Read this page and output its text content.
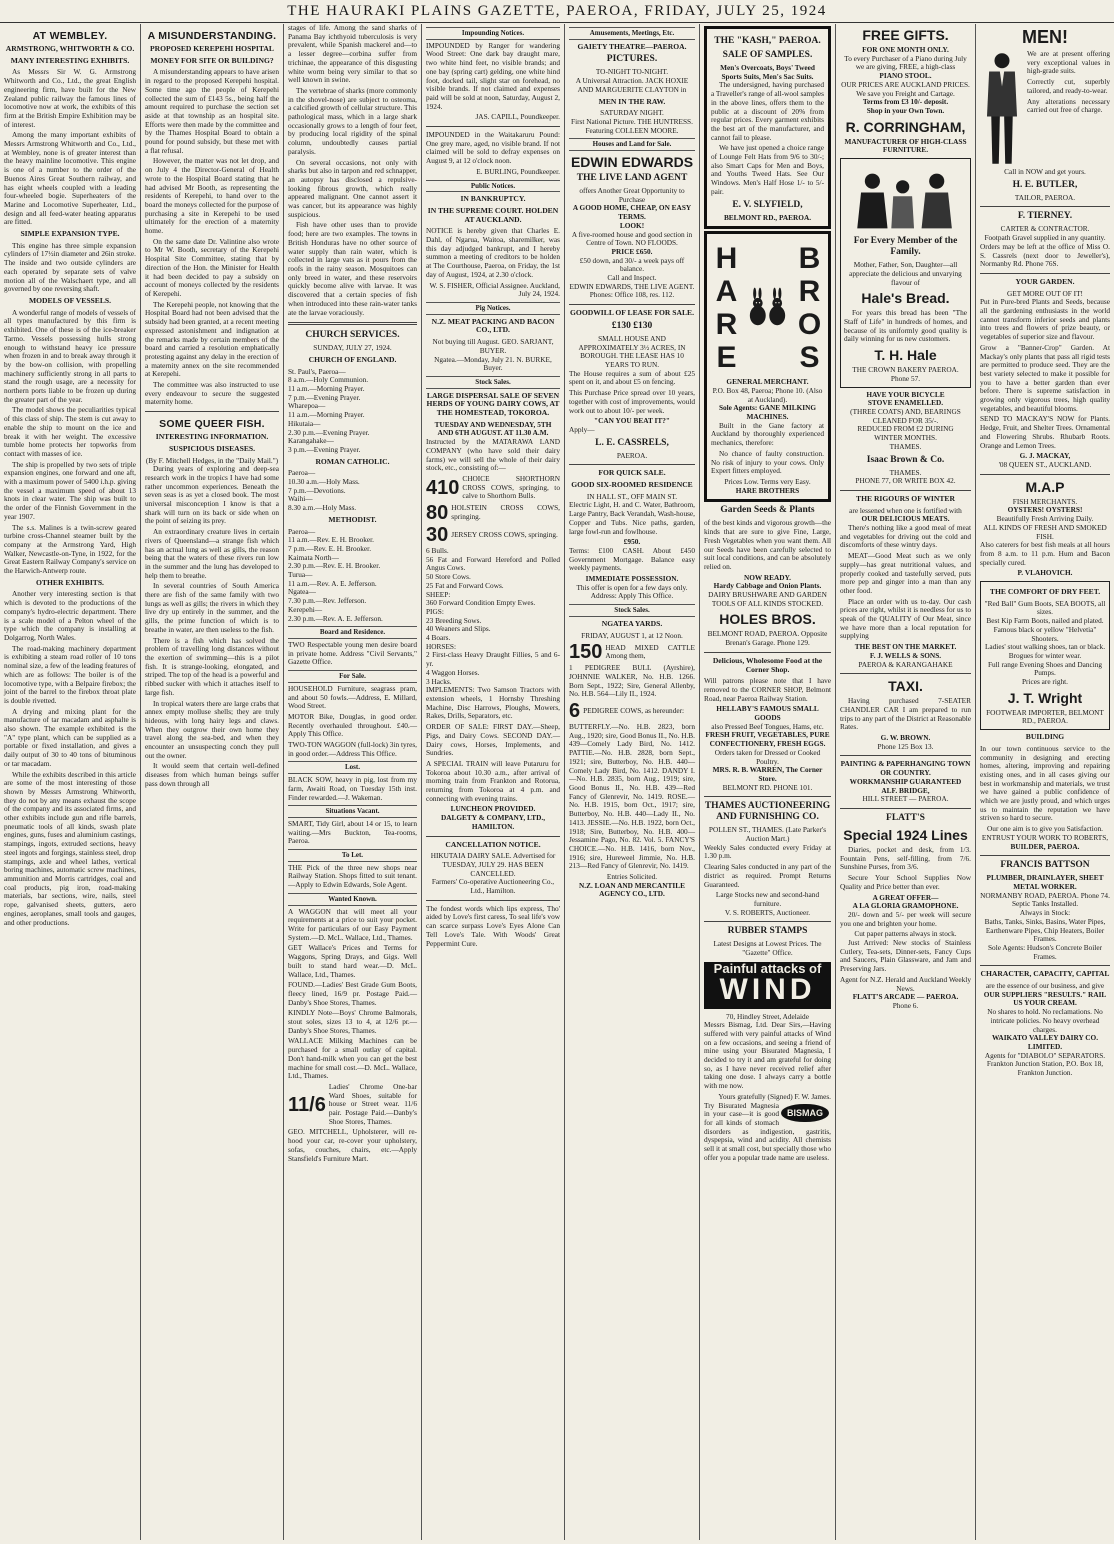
THE HAURAKI PLAINS GAZETTE, PAEROA, FRIDAY, JULY 25, 1924
AT WEMBLEY.
ARMSTRONG, WHITWORTH & CO.
MANY INTERESTING EXHIBITS.

As Messrs Sir W. G. Armstrong Whitworth and Co., Ltd., the great English engineering firm, have built for the New Zealand public railway the famous lines of locomotive now at work, the exhibits of this firm at the British Empire Exhibition may be of interest.

Among the many important exhibits of Messrs Armstrong Whitworth and Co., Ltd., at Wembley, none is of greater interest than the heavy mainline locomotive. This engine is one of a number to the order of the Buenos Aires Great Southern railway, and has eight wheels coupled with a leading four-wheeled bogie. Superheaters of the Marine and Locomotive Superheater, Ltd., design and all feed-water heating apparatus are fitted.

SIMPLE EXPANSION TYPE.

This engine has three simple expansion cylinders of 17½in diameter and 26in stroke. The inside and two outside cylinders are each operated by separate sets of valve motion all of the Walschaert type, and all governed by one reversing shaft.

MODELS OF VESSELS.

A wonderful range of models of vessels of all types manufactured by this firm is exhibited. One of these is of the ice-breaker Tarmo. Vessels possessing hulls strong enough to withstand heavy ice pressure when frozen in and to break away through it by the bow-on collision, with propelling machinery sufficiently strong in all parts to stand the rough usage, are a necessity for northern ports liable to be frozen up during the greater part of the year.

The model shows the peculiarities typical of this class of ship. The stem is cut away to enable the ship to mount on the ice and break it with her weight. The excessive tumble home protects her topworks from contact with masses of ice.

The ship is propelled by two sets of triple expansion engines, one forward and one aft, with a maximum power of 5400 i.h.p. giving the vessel a maximum speed of about 13 knots in clear water. The ship was built to the order of the Finnish Government in the year 1907.

The s.s. Malines is a twin-screw geared turbine cross-Channel steamer built by the company at the Armstrong Yard, High Walker, Newcastle-on-Tyne, in 1922, for the Great Eastern Railway Company's service on the Harwich-Antwerp route.

OTHER EXHIBITS.

Another very interesting section is that which is devoted to the productions of the company's hydro-electric department. There is a scale model of a Pelton wheel of the type which the company is installing at Dolgarrog, North Wales.

The road-making machinery department is exhibiting a steam road roller of 10 tons nominal size, a few of the leading features of which are as follows: The boiler is of the locomotive type, with a Belpaire firebox; the joint of the barrel to the firebox throat plate is double rivetted.

A drying and mixing plant for the manufacture of tar macadam and asphalte is also shown. The example exhibited is the "A" type plant, which can be supplied as a portable or fixed installation, and gives a daily output of 30 to 40 tons of bituminous or tar macadam.

While the exhibits described in this article are some of the most interesting of those shown by Messrs Armstrong Whitworth, they do not by any means exhaust the scope of the company and its associated firms, and other exhibits include gun and rifle barrels, pneumatic tools of all kinds, swash plate engines, guns, fuses and aluminium castings, stampings, ingots, extruded sections, heavy steel ingots and forgings, stainless steel, drop stampings, axle and wheel lathes, vertical boring machines, automatic screw machines, ammunition and Morris cartridges, coal and coal products, pig iron, road-making materials, bar sections, wire, nails, steel rope, galvanised sheets, gutters, aero engines, aeroplanes, small tools and gauges, and other productions.

A MISUNDERSTANDING.
PROPOSED KEREPEHI HOSPITAL
MONEY FOR SITE OR BUILDING?

A misunderstanding appears to have arisen in regard to the proposed Kerepehi hospital. Some time ago the people of Kerepehi collected the sum of £143 5s., being half the amount required to purchase the section set aside at that township as an hospital site. Efforts were then made by the committee and by the Thames Hospital Board to obtain a pound for pound subsidy, but these met with a flat refusal.

However, the matter was not let drop, and on July 4 the Director-General of Health wrote to the Hospital Board stating that he had advised Mr Booth, as representing the residents of Kerepehi, to hand over to the board the moneys collected for the purpose of purchasing a site in Kerepehi to be used ultimately for the erection of a maternity home.

On the same date Dr. Valintine also wrote to Mr W. Booth, secretary of the Kerepehi Hospital Site Committee, stating that by direction of the Hon. the Minister for Health it had been decided to pay a subsidy on account of moneys collected by the residents of Kerepehi.

The Kerepehi people, not knowing that the Hospital Board had not been advised that the subsidy had been granted, at a recent meeting expressed astonishment and indignation at the remarks made by certain members of the board and carried a resolution emphatically protesting against any delay in the erection of a maternity annex on the site recommended at Kerepehi.

The committee was also instructed to use every endeavour to secure the suggested maternity home.

SOME QUEER FISH.
INTERESTING INFORMATION.
SUSPICIOUS DISEASES.
(By F. Mitchell Hedges, in the "Daily Mail.")

During years of exploring and deep-sea research work in the tropics I have had some rather uncommon experiences. Beneath the seven seas is as yet a closed book. The most universal misconception I know is that a shark will turn on its back or side when on the point of seizing its prey.

An extraordinary creature lives in certain rivers of Queensland—a strange fish which has an actual lung as well as gills, the reason being that the waters of these rivers run low in the summer and the lung has developed to help them to breathe.

In several countries of South America there are fish of the same family with two lungs as well as gills; the rivers in which they live dry up entirely in the summer, and the gills, the prime function of which is to breathe in water, are then useless to the fish.

There is a fish which has solved the problem of travelling long distances without the exertion of swimming—this is a pilot fish. It is strange-looking, elongated, and striped. The top of the head is a powerful and ribbed sucker with which it attaches itself to large fish.

In tropical waters there are large crabs that annex empty molluse shells; they are truly hideous, with long hairy legs and claws. When they outgrow their own home they travel along the sea-bed, and when they encounter an unsuspecting conch they pull out the owner.

It would seem that certain well-defined diseases from which human beings suffer pass down through all

stages of life. Among the sand sharks of Panama Bay ichthyoid tuberculosis is very prevalent, while Spanish mackerel and—to a lesser degree—corbina suffer from trichinae, the appearance of this disgusting white worm being very similar to that so well known in swine.

The vertebrae of sharks (more commonly in the shovel-nose) are subject to osteoma, a calcified growth of cellular structure. This pathological mass, which in a large shark occasionally grows to a length of four feet, by producing local rigidity of the spinal column, undoubtedly causes partial paralysis.

On several occasions, not only with sharks but also in tarpon and red schnapper, an autopsy has disclosed a repulsive-looking fibrous growth, which really appeared malignant. One cannot assert it was cancer, but its appearance was highly suspicious.

Fish have other uses than to provide food; here are two examples. The towns in British Honduras have no other source of water supply than rain water, which is collected in large vats as it pours from the roofs in the rainy season. Mosquitoes can only breed in water, and these reservoirs quickly become alive with larvae. It was discovered that a certain species of fish when introduced into these rain-water tanks ate the larvae voraciously.

CHURCH SERVICES.
SUNDAY, JULY 27, 1924.
CHURCH OF ENGLAND.
St. Paul's, Paeroa—
8 a.m.—Holy Communion.
11 a.m.—Morning Prayer.
7 p.m.—Evening Prayer.
Wharepoa—
11 a.m.—Morning Prayer.
Hikutaia—
2.30 p.m.—Evening Prayer.
Karangahake—
3 p.m.—Evening Prayer.
ROMAN CATHOLIC.
Paeroa—
10.30 a.m.—Holy Mass.
7 p.m.—Devotions.
Waihi—
8.30 a.m.—Holy Mass.
METHODIST.
Paeroa—
11 a.m.—Rev. E. H. Brooker.
7 p.m.—Rev. E. H. Brooker.
Kaimata North—
2.30 p.m.—Rev. E. H. Brooker.
Turua—
11 a.m.—Rev. A. E. Jefferson.
Ngatea—
7.30 p.m.—Rev. Jefferson.
Kerepehi—
2.30 p.m.—Rev. A. E. Jefferson.
Board and Residence.

TWO Respectable young men desire board in private home. Address "Civil Servants," Gazette Office.

For Sale.

HOUSEHOLD Furniture, seagrass pram, and about 50 fowls.—Address, E. Millard, Wood Street.

MOTOR Bike, Douglas, in good order. Recently overhauled throughout. £40.—Apply This Office.

TWO-TON WAGGON (full-lock) 3in tyres, in good order.—Address This Office.

Lost.

BLACK SOW, heavy in pig, lost from my farm, Awaiti Road, on Tuesday 15th inst. Finder rewarded.—J. Wakeman.

Situations Vacant.

SMART, Tidy Girl, about 14 or 15, to learn waiting.—Mrs Buckton, Tea-rooms, Paeroa.

To Let.

THE Pick of the three new shops near Railway Station. Shops fitted to suit tenant.—Apply to Edwin Edwards, Sole Agent.

Wanted Known.

A WAGGON that will meet all your requirements at a price to suit your pocket. Write for particulars of our Easy Payment System.—D. McL. Wallace, Ltd., Thames.

GET Wallace's Prices and Terms for Waggons, Spring Drays, and Gigs. Well built to stand hard wear.—D. McL. Wallace, Ltd., Thames.

FOUND.—Ladies' Best Grade Gum Boots, fleecy lined, 16/9 pr. Postage Paid.—Danby's Shoe Stores, Thames.

KINDLY Note—Boys' Chrome Balmorals, stout soles, sizes 13 to 4, at 12/6 pr.—Danby's Shoe Stores, Thames.

WALLACE Milking Machines can be purchased for a small outlay of capital. Don't hand-milk when you can get the best machine for small cost.—D. McL. Wallace, Ltd., Thames.

11/6
Ladies' Chrome One-bar Ward Shoes, suitable for house or Street wear. 11/6 pair. Postage Paid.—Danby's Shoe Stores, Thames.

GEO. MITCHELL, Upholsterer, will re-hood your car, re-cover your upholstery, sofas, couches, chairs, etc.—Apply Stansfield's Furniture Mart.

Impounding Notices.

IMPOUNDED by Ranger for wandering Wood Street: One dark bay draught mare, two white hind feet, no visible brands; and one bay (spring cart) gelding, one white hind foot, docked tail, slight star on forehead, no visible brands. If not claimed and expenses paid will be sold at noon, Saturday, August 2, 1924.

JAS. CAPILL, Poundkeeper.

IMPOUNDED in the Waitakaruru Pound: One grey mare, aged, no visible brand. If not claimed will be sold to defray expenses on August 9, at 12 o'clock noon.

E. BURLING, Poundkeeper.
Public Notices.
IN BANKRUPTCY.
IN THE SUPREME COURT. HOLDEN AT AUCKLAND.

NOTICE is hereby given that Charles E. Dahl, of Ngarua, Waitoa, sharemilker, was this day adjudged bankrupt, and I hereby summon a meeting of creditors to be holden at The Courthouse, Paeroa, on Friday, the 1st day of August, 1924, at 2.30 o'clock.

W. S. FISHER, Official Assignee. Auckland, July 24, 1924.
Pig Notices.
N.Z. MEAT PACKING AND BACON CO., LTD.
Not buying till August. GEO. SARJANT, BUYER.
Ngatea.—Monday, July 21. N. BURKE, Buyer.
Stock Sales.
LARGE DISPERSAL SALE OF SEVEN HERDS OF YOUNG DAIRY COWS, AT THE HOMESTEAD, TOKOROA.
TUESDAY AND WEDNESDAY, 5TH AND 6TH AUGUST. AT 11.30 A.M.

Instructed by the MATARAWA LAND COMPANY (who have sold their dairy farms) we will sell the whole of their dairy stock, etc., consisting of:—

410 CHOICE SHORTHORN CROSS COWS, springing, to calve to Shorthorn Bulls.
80 HOLSTEIN CROSS COWS, springing.
30 JERSEY CROSS COWS, springing.
6 Bulls.
56 Fat and Forward Hereford and Polled Angus Cows.
50 Store Cows.
25 Fat and Forward Cows.
SHEEP:
360 Forward Condition Empty Ewes.
PIGS:
23 Breeding Sows.
40 Weaners and Slips.
4 Boars.
HORSES:
2 First-class Heavy Draught Fillies, 5 and 6-yr.
4 Waggon Horses.
3 Hacks.

IMPLEMENTS: Two Samson Tractors with extension wheels, 1 Hornsby Threshing Machine, Disc Harrows, Ploughs, Mowers, Rakes, Drills, Separators, etc.

ORDER OF SALE: FIRST DAY.—Sheep, Pigs, and Dairy Cows. SECOND DAY.—Dairy cows, Horses, Implements, and Sundries.

A SPECIAL TRAIN will leave Putaruru for Tokoroa about 10.30 a.m., after arrival of morning train from Frankton and Rotorua, returning from Tokoroa at 4 p.m. and connecting with evening trains.

LUNCHEON PROVIDED.
DALGETY & COMPANY, LTD., HAMILTON.
CANCELLATION NOTICE.
HIKUTAIA DAIRY SALE. Advertised for TUESDAY, JULY 29. HAS BEEN CANCELLED.
Farmers' Co-operative Auctioneering Co., Ltd., Hamilton.

The fondest words which lips express, Tho' aided by Love's first caress, To seal life's vow can scarce surpass Love's Eyes Alone Can Tell Love's Tale. With Woods' Great Peppermint Cure.

Amusements, Meetings, Etc.
GAIETY THEATRE—PAEROA.
PICTURES.
TO-NIGHT TO-NIGHT.
A Universal Attraction. JACK HOXIE AND MARGUERITE CLAYTON in
MEN IN THE RAW.
SATURDAY NIGHT.
First National Picture. THE HUNTRESS. Featuring COLLEEN MOORE.
Houses and Land for Sale.
EDWIN EDWARDS
THE LIVE LAND AGENT
offers Another Great Opportunity to Purchase
A GOOD HOME, CHEAP, ON EASY TERMS.
LOOK!
A five-roomed house and good section in Centre of Town. NO FLOODS.
PRICE £650.
£50 down, and 30/- a week pays off balance.
Call and Inspect.
EDWIN EDWARDS, THE LIVE AGENT. Phones: Office 108, res. 112.
GOODWILL OF LEASE FOR SALE.
£130 £130
SMALL HOUSE AND APPROXIMATELY 3½ ACRES, IN BOROUGH. THE LEASE HAS 10 YEARS TO RUN.

The House requires a sum of about £25 spent on it, and about £5 on fencing.

This Purchase Price spread over 10 years, together with cost of improvements, would work out to about 10/- per week.

"CAN YOU BEAT IT?"
Apply—
L. E. CASSRELS,
PAEROA.
FOR QUICK SALE.
GOOD SIX-ROOMED RESIDENCE
IN HALL ST., OFF MAIN ST.

Electric Light, H. and C. Water, Bathroom, Large Pantry, Back Verandah, Wash-house, Copper and Tubs. Nice paths, garden, large fowl-run and fowlhouse.

£950.

Terms: £100 CASH. About £450 Government Mortgage. Balance easy weekly payments.

IMMEDIATE POSSESSION.
This offer is open for a few days only.
Address: Apply This Office.
Stock Sales.
NGATEA YARDS.
FRIDAY, AUGUST 1, at 12 Noon.
150 HEAD MIXED CATTLE Among them,

1 PEDIGREE BULL (Ayrshire), JOHNNIE WALKER, No. H.B. 1266. Born Sept., 1922; Sire, General Allenby, No. H.B. 564—Lily II., 1924.

6 PEDIGREE COWS, as hereunder:

BUTTERFLY.—No. H.B. 2823, born Aug., 1920; sire, Good Bonus II., No. H.B. 439—Comely Lady Bird, No. 1412. PATTIE.—No. H.B. 2828, born Sept., 1921; sire, Butterboy, No. H.B. 440—Comely Lady Bird, No. 1412. DANDY I.—No. H.B. 2835, born Aug., 1919; sire, Good Bonus II., No. H.B. 439—Red Fancy of Glenrevir, No. 1419. ROSE.—No. H.B. 1915, born Oct., 1917; sire, Butterboy, No. H.B. 440—Lady II., No. 1413. JESSIE.—No. H.B. 1922, born Oct., 1918; Sire, Butterboy, No. H.B. 400—Jessamine Pago, No. 82. Vol. 5. FANCY'S CHOICE.—No. H.B. 1416, born Nov., 1916; sire, Hureweel Jimmie, No. H.B. 213—Red Fancy of Glenrevir, No. 1419.

Entries Solicited.
N.Z. LOAN AND MERCANTILE AGENCY CO., LTD.
THE "KASH," PAEROA.
SALE OF SAMPLES.
Men's Overcoats, Boys' Tweed Sports Suits, Men's Sac Suits.

The undersigned, having purchased a Traveller's range of all-wool samples in the above lines, offers them to the public at a discount of 20% from regular prices. Every garment exhibits the best art of the manufacturer, and cannot fail to please.

We have just opened a choice range of Lounge Felt Hats from 9/6 to 30/-; also Smart Caps for Men and Boys, and Youths Tweed Hats. See Our Windows. Men's Half Hose 1/- to 5/- pair.

E. V. SLYFIELD,
BELMONT RD., PAEROA.
HARE BROS
GENERAL MERCHANT.
P.O. Box 48, Paeroa; Phone 10. (Also at Auckland).
Sole Agents: GANE MILKING MACHINES.

Built in the Gane factory at Auckland by thoroughly experienced mechanics, therefore:

No chance of faulty construction. No risk of injury to your cows. Only Expert fitters employed.

Prices Low. Terms very Easy.
HARE BROTHERS
Garden Seeds & Plants

of the best kinds and vigorous growth—the kinds that are sure to give Fine, Large, Fresh Vegetables when you want them. All our Seeds have been carefully selected to suit local conditions, and can be absolutely relied on.

NOW READY.
Hardy Cabbage and Onion Plants.
DAIRY BRUSHWARE AND GARDEN TOOLS OF ALL KINDS STOCKED.
HOLES BROS.
BELMONT ROAD, PAEROA. Opposite Brenan's Garage. Phone 129.
Delicious, Wholesome Food at the Corner Shop.

Will patrons please note that I have removed to the CORNER SHOP, Belmont Road, near Paeroa Railway Station.

HELLABY'S FAMOUS SMALL GOODS
also Pressed Beef Tongues, Hams, etc.
FRESH FRUIT, VEGETABLES, PURE CONFECTIONERY, FRESH EGGS.
Orders taken for Dressed or Cooked Poultry.
MRS. R. B. WARREN, The Corner Store.
BELMONT RD. PHONE 101.
THAMES AUCTIONEERING AND FURNISHING CO.
POLLEN ST., THAMES. (Late Parker's Auction Mart.)

Weekly Sales conducted every Friday at 1.30 p.m.

Clearing Sales conducted in any part of the district as required. Prompt Returns Guaranteed.

Large Stocks new and second-hand furniture.
V. S. ROBERTS, Auctioneer.
RUBBER STAMPS
Latest Designs at Lowest Prices. The "Gazette" Office.
Painful attacks of
WIND
70, Hindley Street, Adelaide

Messrs Bismag, Ltd. Dear Sirs,—Having suffered with very painful attacks of Wind on a few occasions, and seeing a friend of mine using your Bisurated Magnesia, I decided to try it and am grateful for doing so, as I have never received relief after taking one dose. I always carry a bottle with me now.

Yours gratefully (Signed) F. W. James.
BISMAG

Try Bisurated Magnesia in your case—it is good for all kinds of stomach disorders as indigestion, gastritis, dyspepsia, wind and acidity. All chemists sell it at small cost, but specially those who offer you a popular trade name are useless.

FREE GIFTS.
FOR ONE MONTH ONLY.
To every Purchaser of a Piano during July we are giving, FREE, a high-class
PIANO STOOL.
OUR PRICES ARE AUCKLAND PRICES.
We save you Freight and Cartage.
Terms from £3 10/- deposit.
Shop in your Own Town.
R. CORRINGHAM,
MANUFACTURER OF HIGH-CLASS FURNITURE.
For Every Member of the Family.
Mother, Father, Son, Daughter—all appreciate the delicious and unvarying flavour of
Hale's Bread.

For years this bread has been "The Staff of Life" in hundreds of homes, and because of its uniformly good quality is daily winning for us new customers.

T. H. Hale
THE CROWN BAKERY PAEROA. Phone 57.
HAVE YOUR BICYCLE
STOVE ENAMELLED.
(THREE COATS) AND, BEARINGS CLEANED FOR 35/-.
REDUCED FROM £2 DURING
WINTER MONTHS.
THAMES.
Isaac Brown & Co.
THAMES.
PHONE 77, OR WRITE BOX 42.
THE RIGOURS OF WINTER
are lessened when one is fortified with
OUR DELICIOUS MEATS.

There's nothing like a good meal of meat and vegetables for driving out the cold and discomforts of these wintry days.

MEAT—Good Meat such as we only supply—has great nutritional values, and properly cooked and tastefully served, puts more pep and ginger into a man than any other food.

Place an order with us to-day. Our cash prices are right, whilst it is needless for us to speak of the QUALITY of Our Meat, since we have more than a local reputation for supplying

THE BEST ON THE MARKET.
F. J. WELLS & SONS.
PAEROA & KARANGAHAKE
TAXI.

Having purchased 7-SEATER CHANDLER CAR I am prepared to run trips to any part of the District at Reasonable Rates.

G. W. BROWN.
Phone 125 Box 13.
PAINTING & PAPERHANGING TOWN OR COUNTRY.
WORKMANSHIP GUARANTEED
ALF. BRIDGE,
HILL STREET — PAEROA.
FLATT'S
Special 1924 Lines

Diaries, pocket and desk, from 1/3. Fountain Pens, self-filling, from 7/6. Sunshine Purses, from 3/6.

Secure Your School Supplies Now Quality and Price better than ever.

A GREAT OFFER—
A LA GLORIA GRAMOPHONE.

20/- down and 5/- per week will secure you one and brighten your home.

Cut paper patterns always in stock.

Just Arrived: New stocks of Stainless Cutlery, Tea-sets, Dinner-sets, Fancy Cups and Saucers, Plain Glassware, and Jam and Preserving Jars.

Agent for N.Z. Herald and Auckland Weekly News.
FLATT'S ARCADE — PAEROA.
Phone 6.
MEN!

We are at present offering very exceptional values in high-grade suits.

Correctly cut, superbly tailored, and ready-to-wear.

Any alterations necessary carried out free of charge.

Call in NOW and get yours.
H. E. BUTLER,
TAILOR, PAEROA.
F. TIERNEY.
CARTER & CONTRACTOR.
Footpath Gravel supplied in any quantity.

Orders may be left at the office of Miss O. S. Cassrels (next door to Jeweller's), Normanby Rd. Phone 76S.

YOUR GARDEN.
GET MORE OUT OF IT!

Put in Pure-bred Plants and Seeds, because all the gardening enthusiasts in the world cannot transform inferior seeds and plants into trees and flowers of prize beauty, or vegetables of superior size and flavour.

Grow a "Banner-Crop" Garden. At Mackay's only plants that pass all rigid tests are permitted to produce seed. They are the best variety selected to make it possible for you to have a better garden than ever before. There is supreme satisfaction in growing only vigorous trees, high quality vegetables, and beautiful blooms.

SEND TO MACKAY'S NOW for Plants. Hedge, Fruit, and Shelter Trees. Ornamental and Flowering Shrubs. Rhubarb Roots. Orange and Lemon Trees.

G. J. MACKAY,
'08 QUEEN ST., AUCKLAND.
M.A.P
FISH MERCHANTS.
OYSTERS! OYSTERS!
Beautifully Fresh Arriving Daily.
ALL KINDS OF FRESH AND SMOKED FISH.

Also caterers for best fish meals at all hours from 8 a.m. to 11 p.m. Hum and Bacon specially cured.

P. VLAHOVICH.
THE COMFORT OF DRY FEET.
"Red Ball" Gum Boots, SEA BOOTS, all sizes.
Best Kip Farm Boots, nailed and plated.
Famous black or yellow "Helvetia" Shooters.
Ladies' stout walking shoes, tan or black.
Brogues for winter wear.
Full range Evening Shoes and Dancing Pumps.
Prices are right.
J. T. Wright
FOOTWEAR IMPORTER, BELMONT RD., PAEROA.
BUILDING

In our town continuous service to the community in designing and erecting homes, altering, improving and repairing existing ones, and in all cases giving our best in workmanship and materials, we trust we have gained a public confidence of which we are justly proud, and which urges us to maintain the reputation we have striven so hard to secure.

Our one aim is to give you Satisfaction.
ENTRUST YOUR WORK TO ROBERTS,
BUILDER, PAEROA.
FRANCIS BATTSON
PLUMBER, DRAINLAYER, SHEET METAL WORKER.
NORMANBY ROAD, PAEROA. Phone 74.
Septic Tanks Installed.
Always in Stock:
Baths, Tanks, Sinks, Basins, Water Pipes, Earthenware Pipes, Chip Heaters, Boiler Frames.
Sole Agents: Hudson's Concrete Boiler Frames.
CHARACTER, CAPACITY, CAPITAL
are the essence of our business, and give
OUR SUPPLIERS "RESULTS." RAIL US YOUR CREAM.
No shares to hold. No reclamations. No intricate policies. No heavy overhead charges.
WAIKATO VALLEY DAIRY CO. LIMITED.
Agents for "DIABOLO" SEPARATORS. Frankton Junction Station, P.O. Box 18, Frankton Junction.
